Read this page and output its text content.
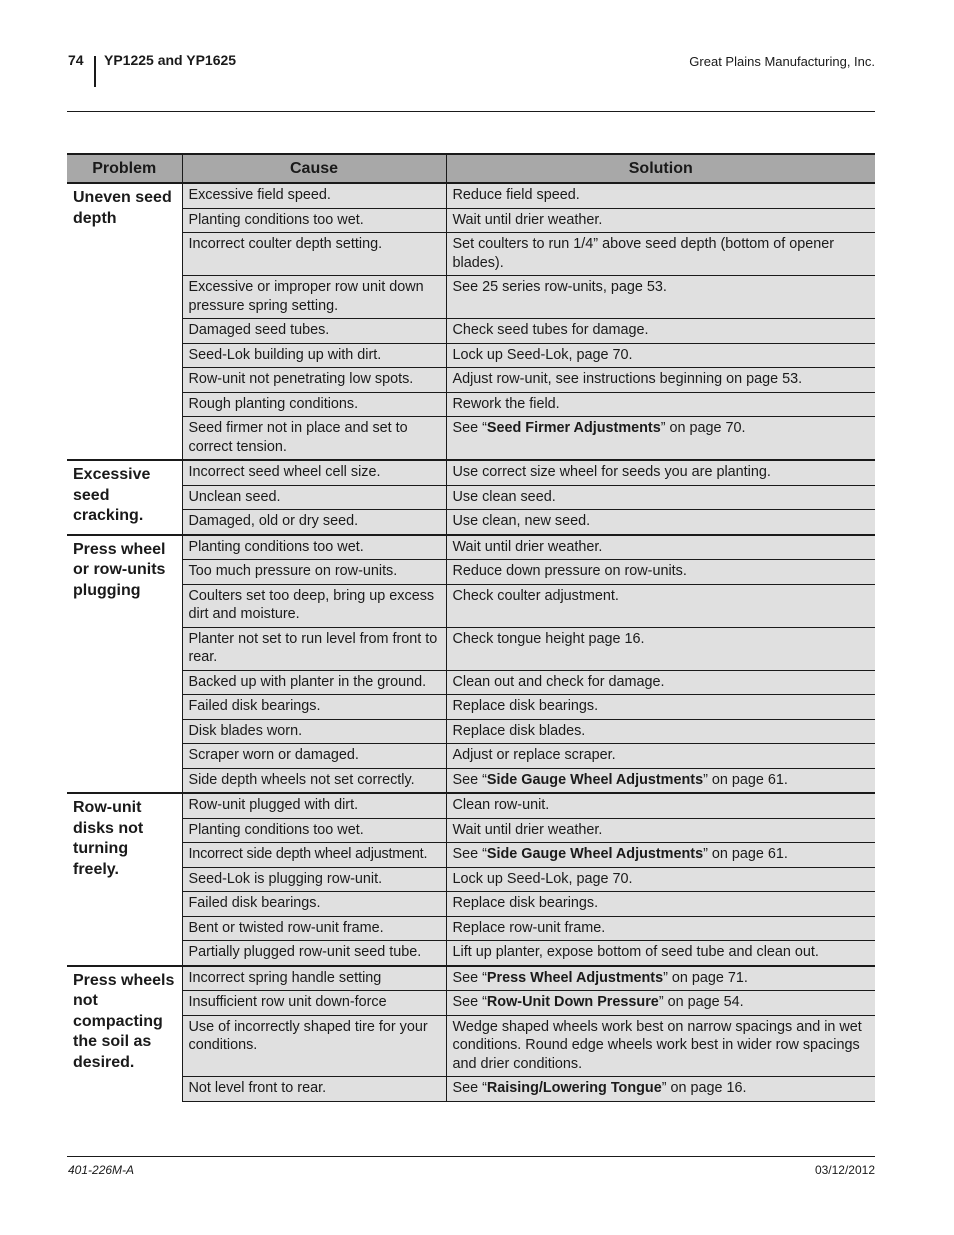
74 YP1225 and YP1625	Great Plains Manufacturing, Inc.
Problem	Cause	Solution
Uneven seed depth	Excessive field speed.	Reduce field speed.
	Planting conditions too wet.	Wait until drier weather.
	Incorrect coulter depth setting.	Set coulters to run 1/4” above seed depth (bottom of opener blades).
	Excessive or improper row unit down pressure spring setting.	See 25 series row-units, page 53.
	Damaged seed tubes.	Check seed tubes for damage.
	Seed-Lok building up with dirt.	Lock up Seed-Lok, page 70.
	Row-unit not penetrating low spots.	Adjust row-unit, see instructions beginning on page 53.
	Rough planting conditions.	Rework the field.
	Seed firmer not in place and set to correct tension.	See “Seed Firmer Adjustments” on page 70.
Excessive seed cracking.	Incorrect seed wheel cell size.	Use correct size wheel for seeds you are planting.
	Unclean seed.	Use clean seed.
	Damaged, old or dry seed.	Use clean, new seed.
Press wheel or row-units plugging	Planting conditions too wet.	Wait until drier weather.
	Too much pressure on row-units.	Reduce down pressure on row-units.
	Coulters set too deep, bring up excess dirt and moisture.	Check coulter adjustment.
	Planter not set to run level from front to rear.	Check tongue height page 16.
	Backed up with planter in the ground.	Clean out and check for damage.
	Failed disk bearings.	Replace disk bearings.
	Disk blades worn.	Replace disk blades.
	Scraper worn or damaged.	Adjust or replace scraper.
	Side depth wheels not set correctly.	See “Side Gauge Wheel Adjustments” on page 61.
Row-unit disks not turning freely.	Row-unit plugged with dirt.	Clean row-unit.
	Planting conditions too wet.	Wait until drier weather.
	Incorrect side depth wheel adjustment.	See “Side Gauge Wheel Adjustments” on page 61.
	Seed-Lok is plugging row-unit.	Lock up Seed-Lok, page 70.
	Failed disk bearings.	Replace disk bearings.
	Bent or twisted row-unit frame.	Replace row-unit frame.
	Partially plugged row-unit seed tube.	Lift up planter, expose bottom of seed tube and clean out.
Press wheels not compacting the soil as desired.	Incorrect spring handle setting	See “Press Wheel Adjustments” on page 71.
	Insufficient row unit down-force	See “Row-Unit Down Pressure” on page 54.
	Use of incorrectly shaped tire for your conditions.	Wedge shaped wheels work best on narrow spacings and in wet conditions. Round edge wheels work best in wider row spacings and drier conditions.
	Not level front to rear.	See “Raising/Lowering Tongue” on page 16.
401-226M-A	03/12/2012
